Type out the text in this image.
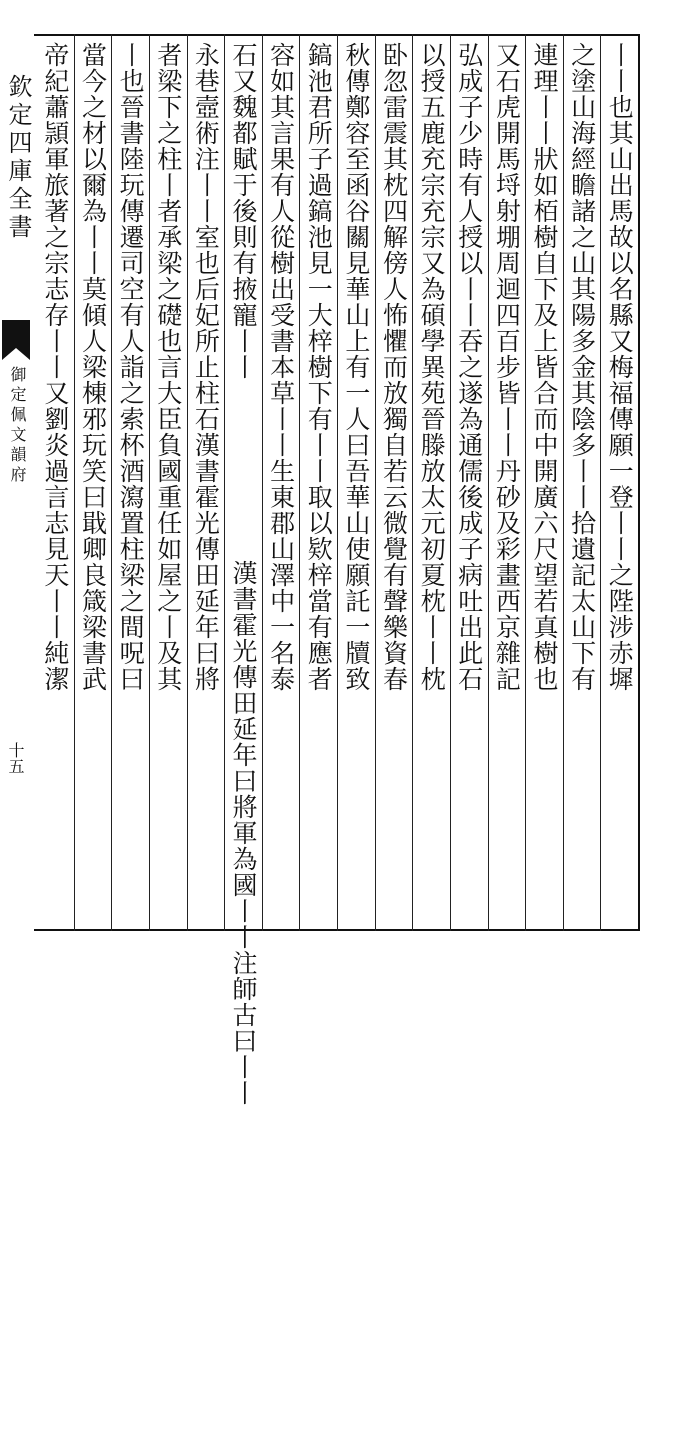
欽定四庫全書
御定佩文韻府
十五
丨丨也其山出馬故以名縣又梅福傳願一登丨丨之陛涉赤墀
之塗山海經瞻諸之山其陽多金其陰多丨丨拾遺記太山下有
連理丨丨狀如栢樹自下及上皆合而中開廣六尺望若真樹也
又石虎開馬埒射堋周迴四百步皆丨丨丹砂及彩畫西京雜記
弘成子少時有人授以丨丨吞之遂為通儒後成子病吐出此石
以授五鹿充宗充宗又為碩學異苑晉滕放太元初夏枕丨丨枕
卧忽雷震其枕四解傍人怖懼而放獨自若云微覺有聲樂資春
秋傳鄭容至函谷關見華山上有一人曰吾華山使願託一牘致
鎬池君所子過鎬池見一大梓樹下有丨丨取以欵梓當有應者
容如其言果有人從樹出受書本草丨丨生東郡山澤中一名泰
石又魏都賦于後則有掖寵丨丨
永巷壼術注丨丨室也后妃所止柱石漢書霍光傳田延年曰將
者梁下之柱丨者承梁之礎也言大臣負國重任如屋之丨及其
丨也晉書陸玩傳遷司空有人詣之索杯酒瀉置柱梁之間呪曰
當今之材以爾為丨丨莫傾人梁棟邪玩笑曰戢卿良箴梁書武
帝紀蕭頴軍旅著之宗志存丨丨又劉炎過言志見天丨丨純潔
漢書霍光傳田延年曰將軍為國丨丨注師古曰丨丨
